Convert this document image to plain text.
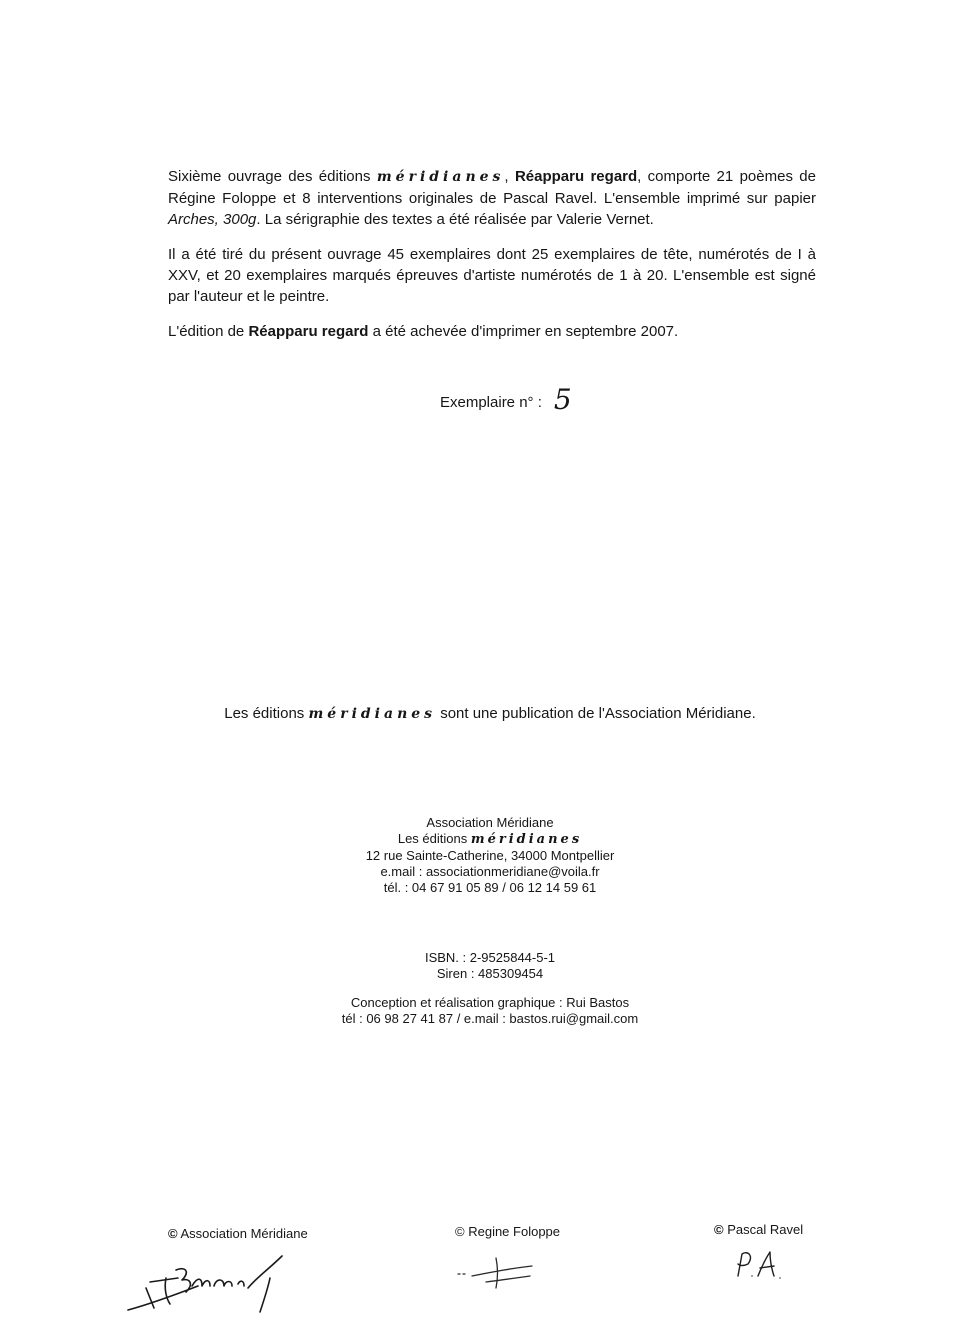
Sixième ouvrage des éditions méridianes, Réapparu regard, comporte 21 poèmes de Régine Foloppe et 8 interventions originales de Pascal Ravel. L'ensemble imprimé sur papier Arches, 300g. La sérigraphie des textes a été réalisée par Valerie Vernet.

Il a été tiré du présent ouvrage 45 exemplaires dont 25 exemplaires de tête, numérotés de I à XXV, et 20 exemplaires marqués épreuves d'artiste numérotés de 1 à 20. L'ensemble est signé par l'auteur et le peintre.

L'édition de Réapparu regard a été achevée d'imprimer en septembre 2007.

Exemplaire n° : 5
Les éditions méridianes sont une publication de l'Association Méridiane.
Association Méridiane
Les éditions méridianes
12 rue Sainte-Catherine, 34000 Montpellier
e.mail : associationmeridiane@voila.fr
tél. : 04 67 91 05 89 / 06 12 14 59 61
ISBN. : 2-9525844-5-1
Siren : 485309454
Conception et réalisation graphique : Rui Bastos
tél : 06 98 27 41 87 / e.mail : bastos.rui@gmail.com
© Association Méridiane	© Regine Foloppe	© Pascal Ravel
